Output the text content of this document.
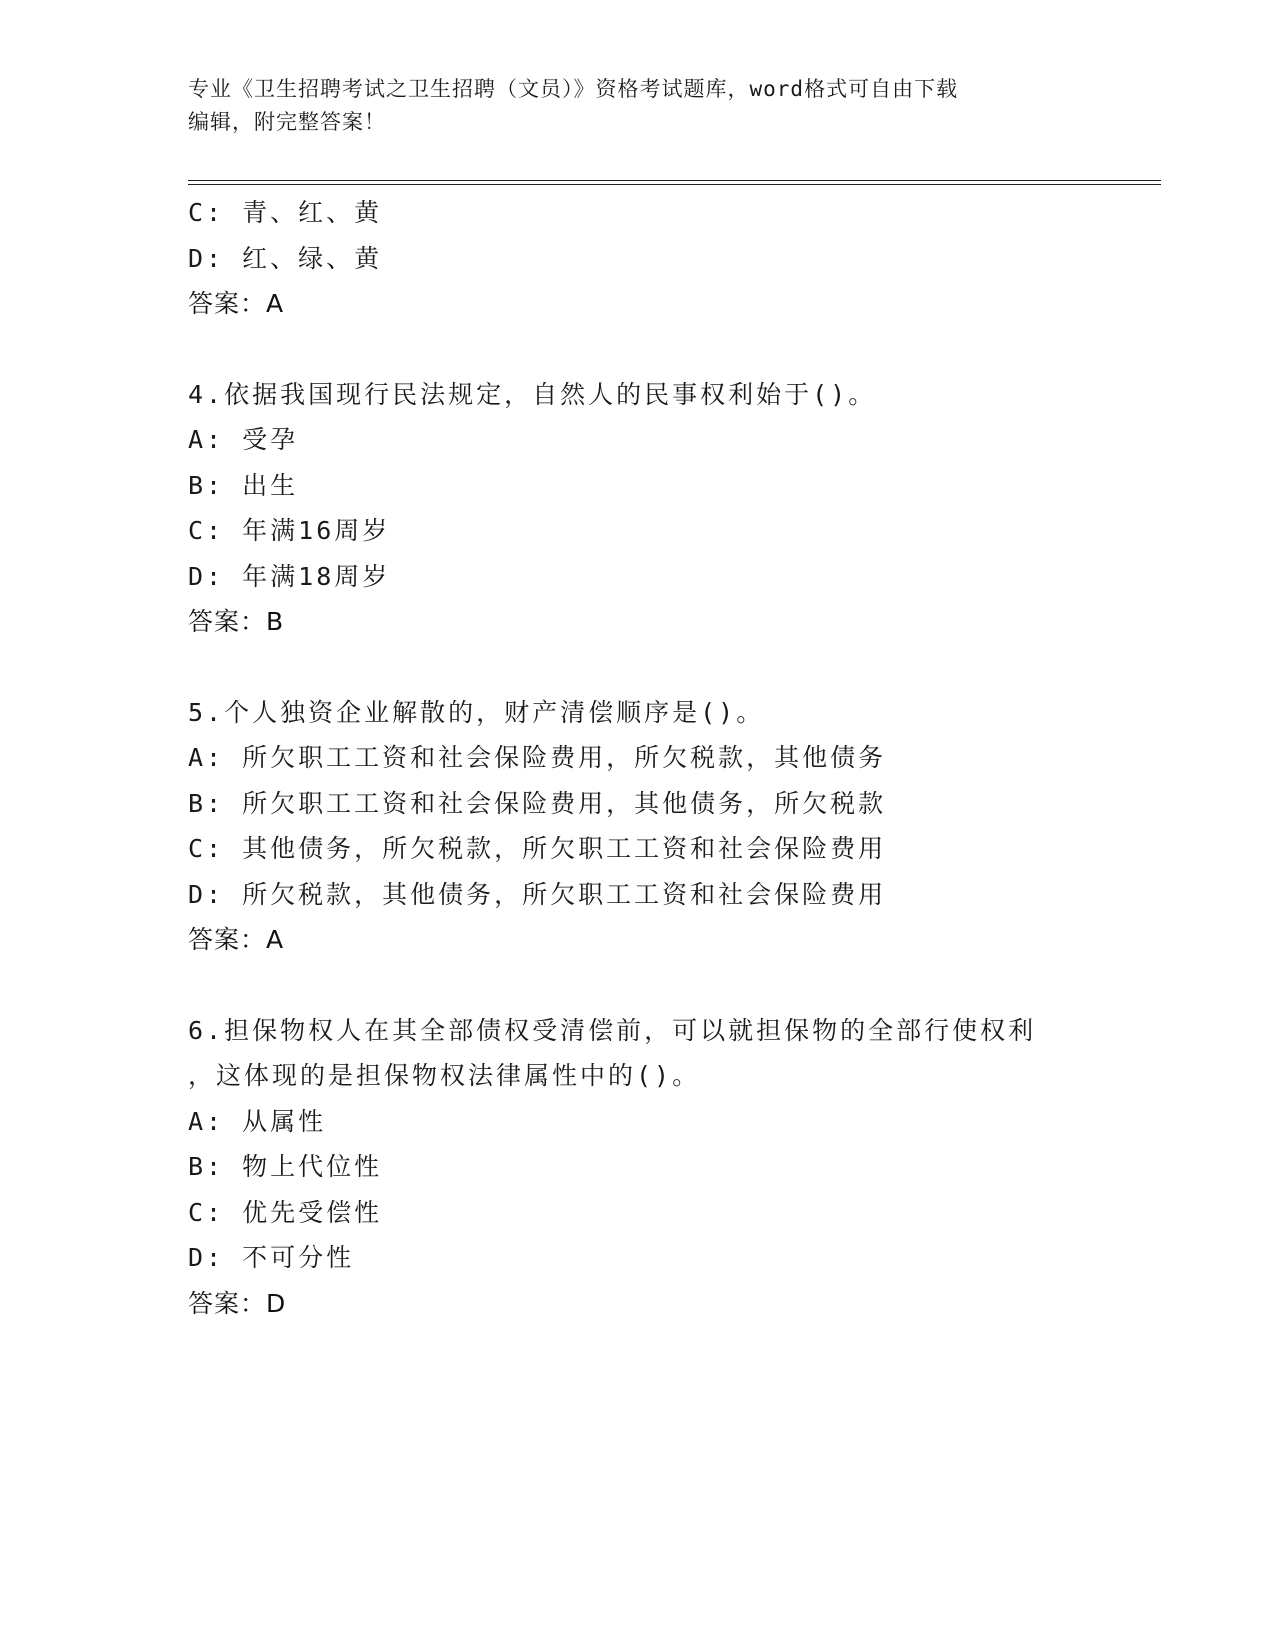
专业《卫生招聘考试之卫生招聘（文员）》资格考试题库，word格式可自由下载
编辑，附完整答案！
C: 青、红、黄
D: 红、绿、黄
答案：A
4.依据我国现行民法规定，自然人的民事权利始于()。
A: 受孕
B: 出生
C: 年满16周岁
D: 年满18周岁
答案：B
5.个人独资企业解散的，财产清偿顺序是()。
A: 所欠职工工资和社会保险费用，所欠税款，其他债务
B: 所欠职工工资和社会保险费用，其他债务，所欠税款
C: 其他债务，所欠税款，所欠职工工资和社会保险费用
D: 所欠税款，其他债务，所欠职工工资和社会保险费用
答案：A
6.担保物权人在其全部债权受清偿前，可以就担保物的全部行使权利
，这体现的是担保物权法律属性中的()。
A: 从属性
B: 物上代位性
C: 优先受偿性
D: 不可分性
答案：D
